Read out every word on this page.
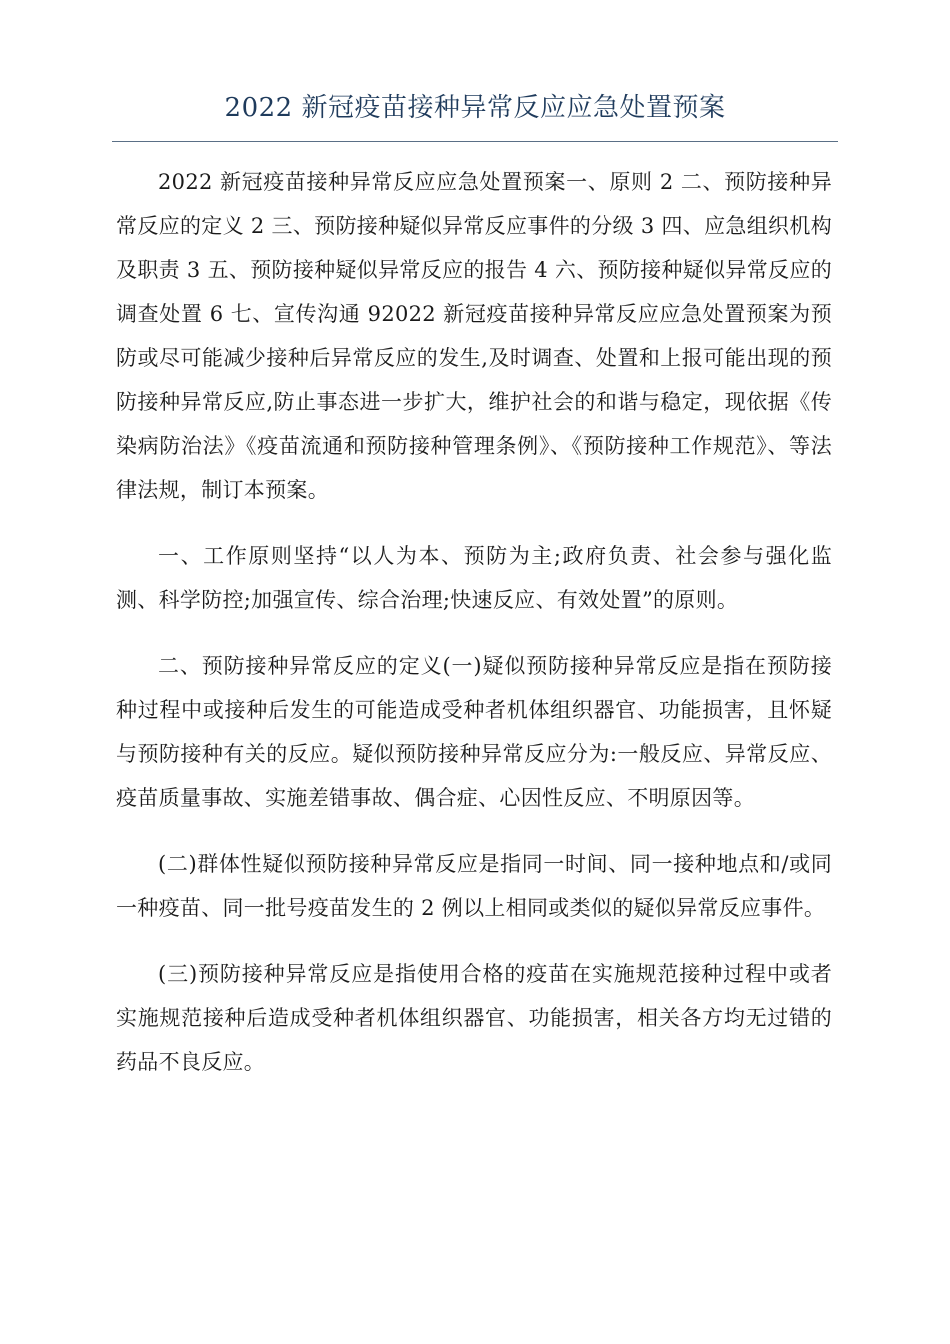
2022 新冠疫苗接种异常反应应急处置预案

2022 新冠疫苗接种异常反应应急处置预案一、原则 2 二、预防接种异常反应的定义 2 三、预防接种疑似异常反应事件的分级 3 四、应急组织机构及职责 3 五、预防接种疑似异常反应的报告 4 六、预防接种疑似异常反应的调查处置 6 七、宣传沟通 92022 新冠疫苗接种异常反应应急处置预案为预防或尽可能减少接种后异常反应的发生,及时调查、处置和上报可能出现的预防接种异常反应,防止事态进一步扩大，维护社会的和谐与稳定，现依据《传染病防治法》《疫苗流通和预防接种管理条例》、《预防接种工作规范》、等法律法规，制订本预案。

一、工作原则坚持“以人为本、预防为主;政府负责、社会参与强化监测、科学防控;加强宣传、综合治理;快速反应、有效处置”的原则。

二、预防接种异常反应的定义(一)疑似预防接种异常反应是指在预防接种过程中或接种后发生的可能造成受种者机体组织器官、功能损害，且怀疑与预防接种有关的反应。疑似预防接种异常反应分为:一般反应、异常反应、疫苗质量事故、实施差错事故、偶合症、心因性反应、不明原因等。

(二)群体性疑似预防接种异常反应是指同一时间、同一接种地点和/或同一种疫苗、同一批号疫苗发生的 2 例以上相同或类似的疑似异常反应事件。

(三)预防接种异常反应是指使用合格的疫苗在实施规范接种过程中或者实施规范接种后造成受种者机体组织器官、功能损害，相关各方均无过错的药品不良反应。
